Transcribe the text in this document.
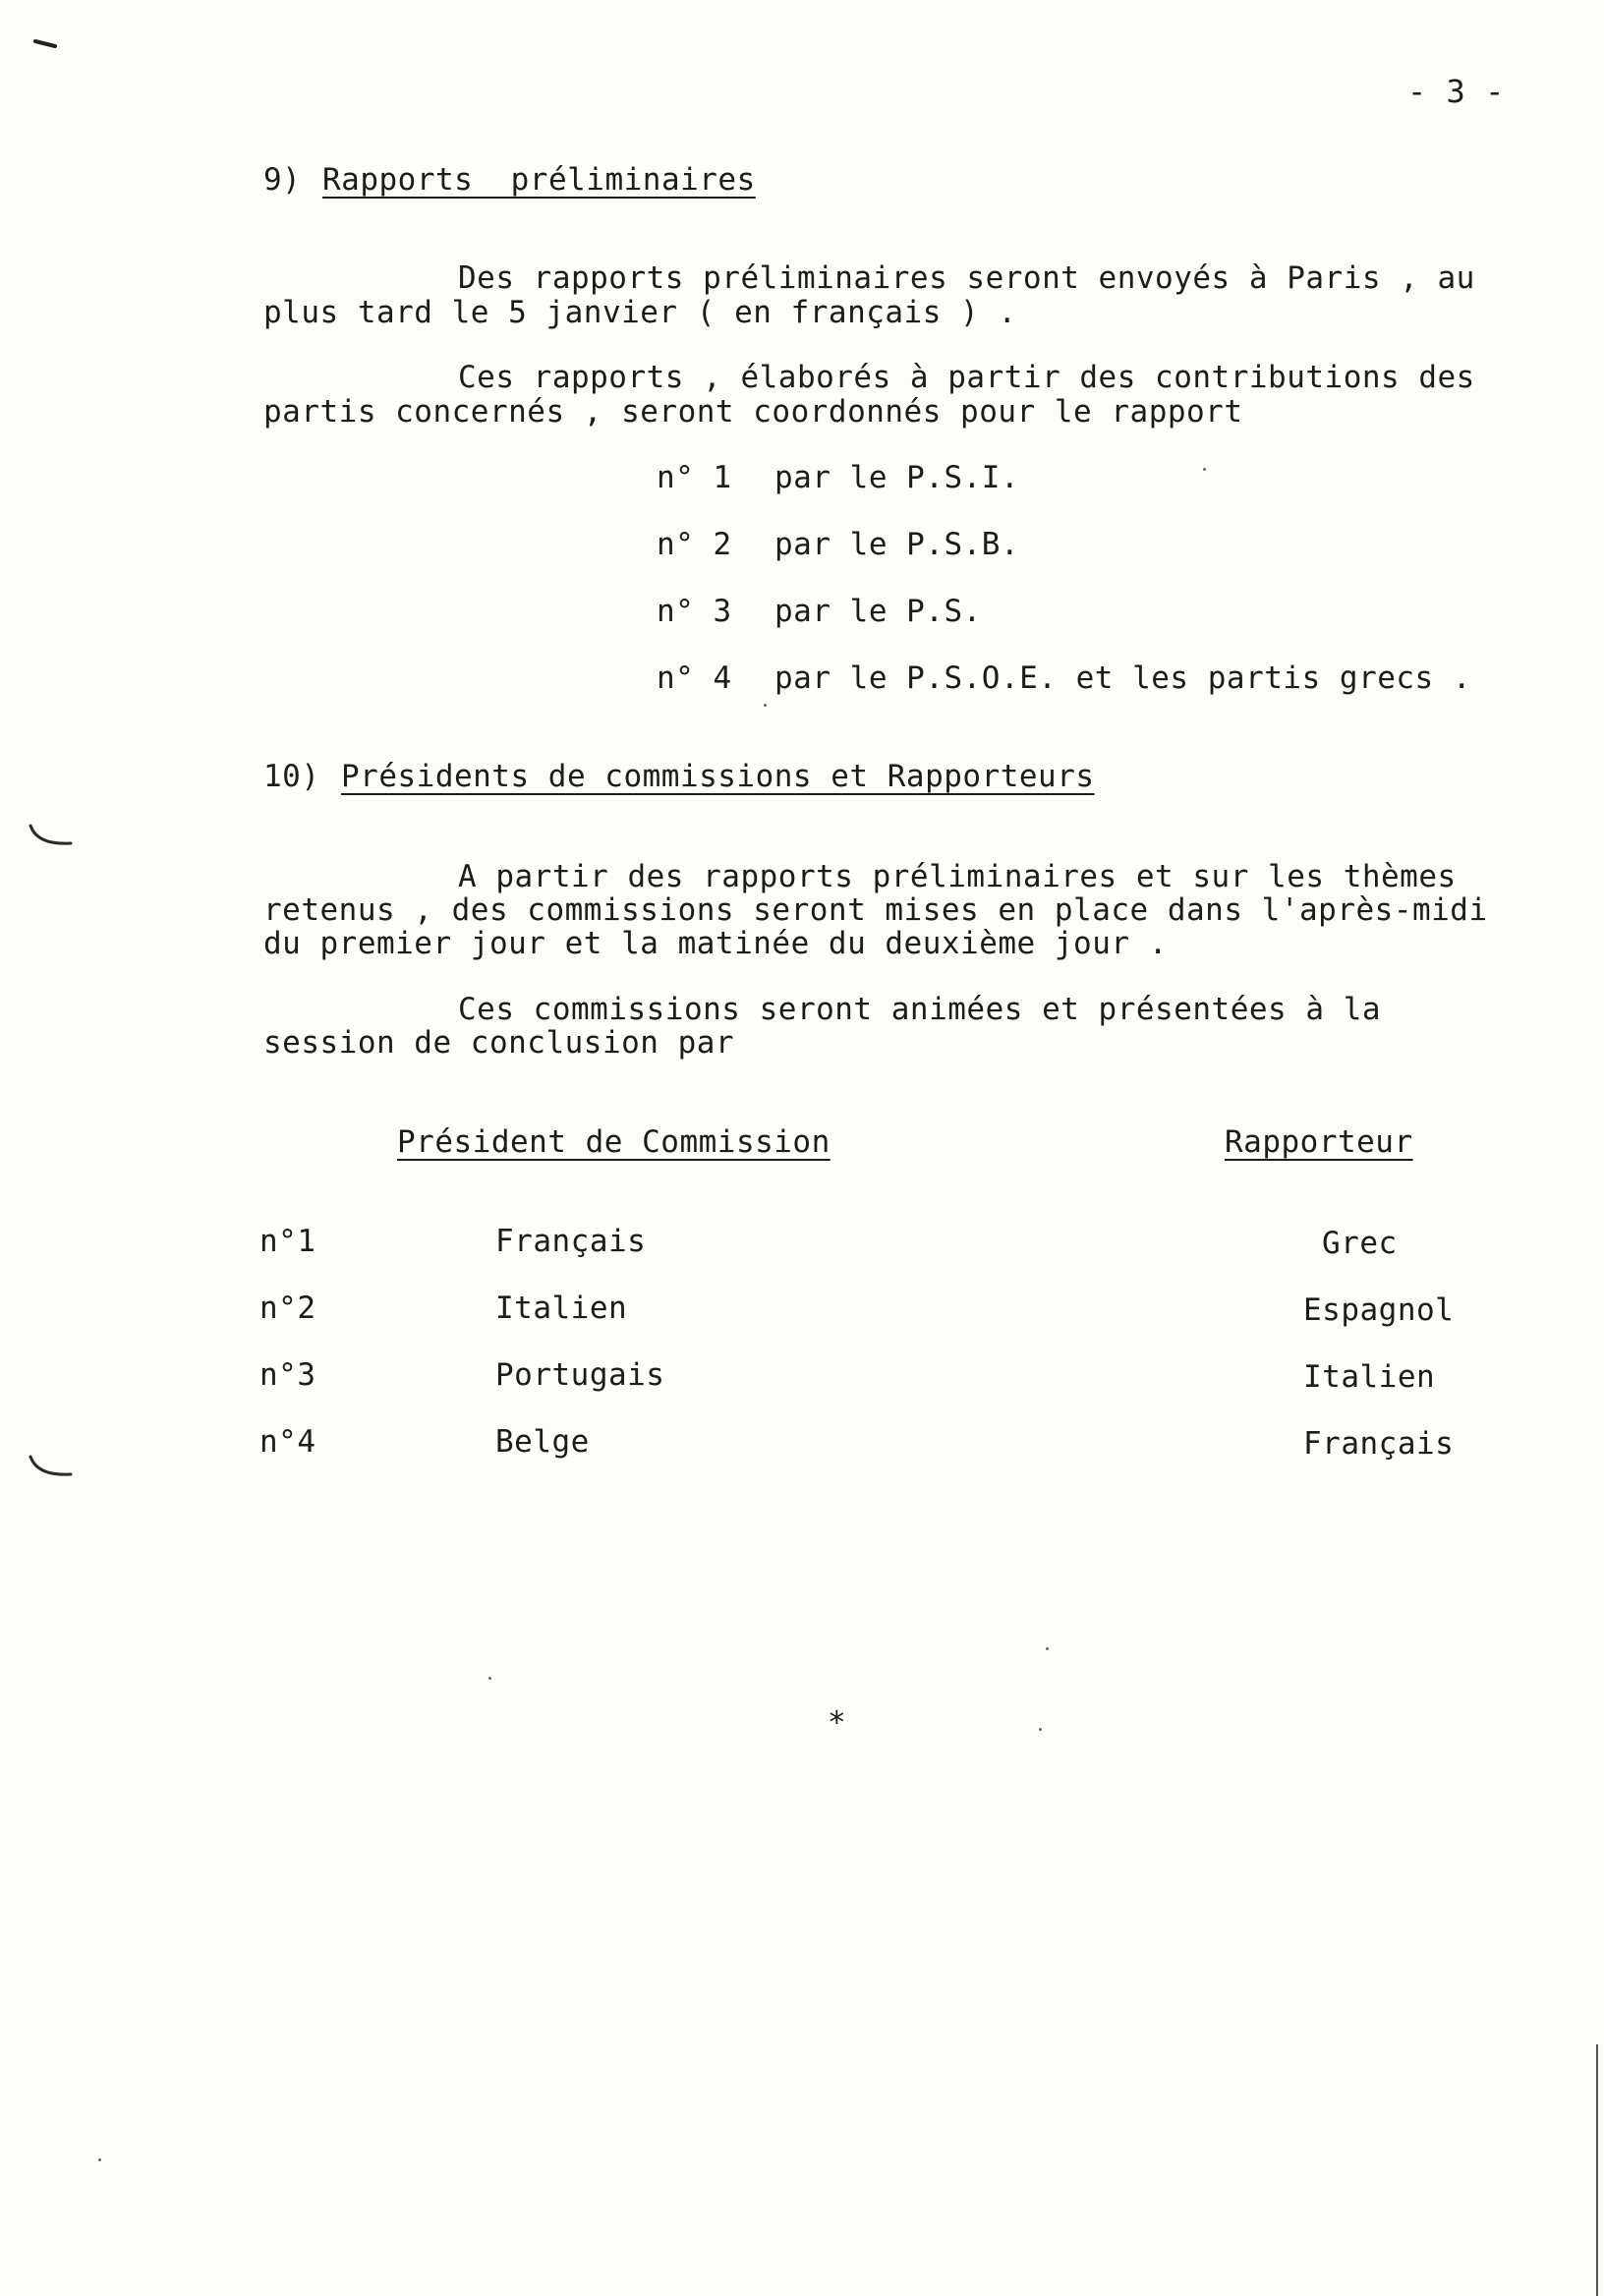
- 3 -
9) Rapports  préliminaires
Des rapports préliminaires seront envoyés à Paris , au
plus tard le 5 janvier ( en français ) .
Ces rapports , élaborés à partir des contributions des
partis concernés , seront coordonnés pour le rapport
n° 1 par le P.S.I.
n° 2 par le P.S.B.
n° 3 par le P.S.
n° 4 par le P.S.O.E. et les partis grecs .
10) Présidents de commissions et Rapporteurs
A partir des rapports préliminaires et sur les thèmes
retenus , des commissions seront mises en place dans l'après-midi
du premier jour et la matinée du deuxième jour .
Ces commissions seront animées et présentées à la
session de conclusion par
Président de Commission	Rapporteur
n°1	Français	Grec
n°2	Italien	Espagnol
n°3	Portugais	Italien
n°4	Belge	Français
*
